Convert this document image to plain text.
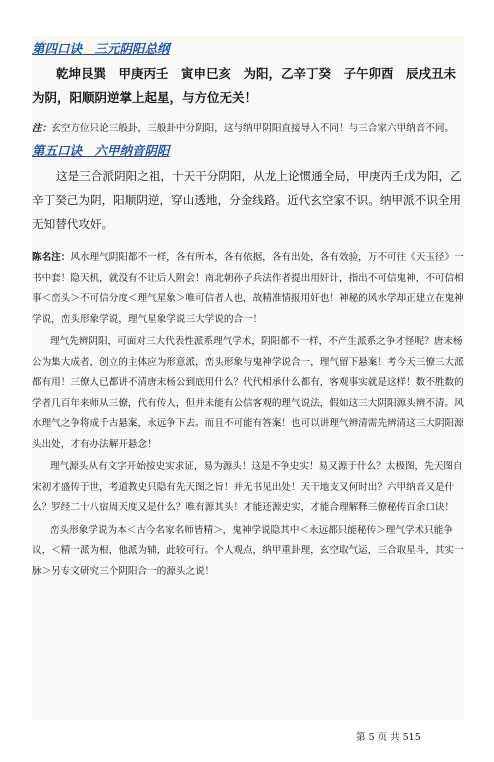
第四口诀　三元阴阳总纲

乾坤艮巽　甲庚丙壬　寅申巳亥　为阳，乙辛丁癸　子午卯酉　辰戌丑未　为阴，阳顺阴逆掌上起星，与方位无关！

注：玄空方位只论三般卦，三般卦中分阴阳，这与纳甲阴阳直接导入不同！与三合家六甲纳音不同。

第五口诀　六甲纳音阴阳

这是三合派阴阳之祖，十天干分阴阳，从龙上论惯通全局，甲庚丙壬戊为阳，乙辛丁癸己为阴，阳顺阴逆，穿山透地，分金线路。近代玄空家不识。纳甲派不识全用无知替代攻奸。

陈名注：风水理气阴阳都不一样，各有所本，各有依据，各有出处，各有效验，万不可往《天玉径》一书中套！隐天机，就没有不让后人附会！南北朝孙子兵法作者提出用奸计，指出不可信鬼神，不可信相事＜峦头＞不可信分度＜理气星象＞唯可信者人也，故精准情报用奸也！神秘的风水学却正建立在鬼神学说，峦头形象学说，理气星象学说三大学说的合一！

理气先辨阴阳，可面对三大代表性派系理气学术，阴阳都不一样，不产生派系之争才怪呢？唐末杨公为集大成者，创立的主体应为形意派，峦头形象与鬼神学说合一，理气留下悬案！考今天三僚三大派都有用！三僚人已都讲不清唐末杨公到底用什么？代代相承什么都有，客观事实就是这样！数不胜数的学者几百年来师从三僚，代有传人，但并未能有公信客观的理气说法，假如这三大阴阳源头辨不清。风水理气之争将成千古悬案，永远争下去。而且不可能有答案！也可以讲理气辨清需先辨清这三大阴阳源头出处，才有办法解开悬念！

理气源头从有文字开始按史实求证，易为源头！这是不争史实！易又源于什么？太极图，先天图自宋初才盛传于世，考道教史只隐有先天图之旨！并无书见出处！天干地支又何时出？六甲纳音又是什么？罗经二十八宿周天度又是什么？唯有源其头！才能还源史实，才能合理解释三僚秘传百余口诀！

峦头形象学说为本＜古今名家名师皆精＞，鬼神学说隐其中＜永远都只能秘传＞理气学术只能争议，＜精一派为根，他派为辅，此较可行。个人观点，纳甲重卦理，玄空取气运，三合取星斗，其实一脉＞另专文研究三个阴阳合一的源头之说！

第 5 页 共 515
